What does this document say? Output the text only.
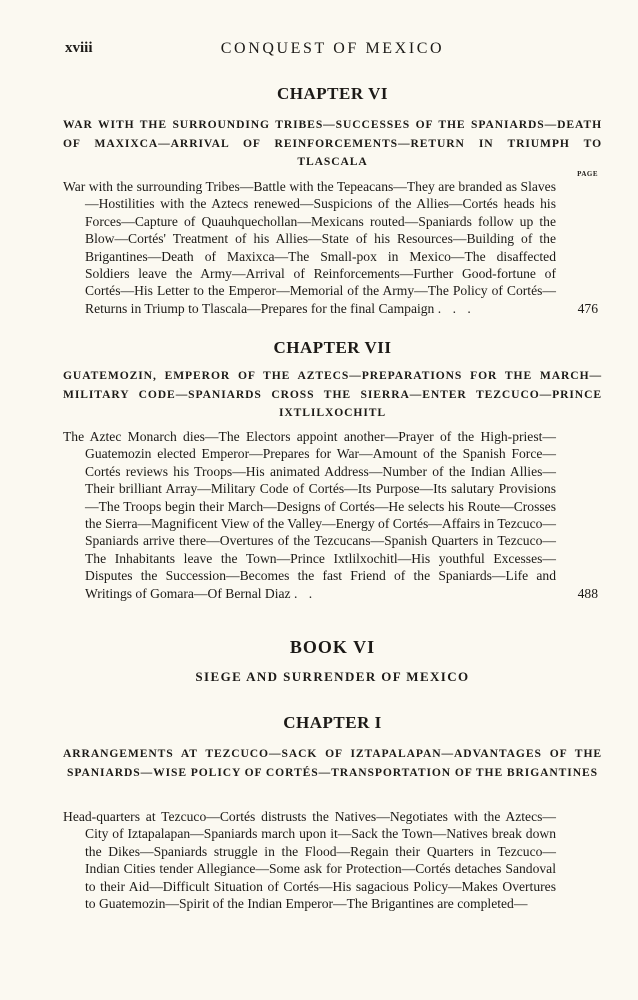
xviii	CONQUEST OF MEXICO
CHAPTER VI

WAR WITH THE SURROUNDING TRIBES—SUCCESSES OF THE SPANIARDS—DEATH OF MAXIXCA—ARRIVAL OF REINFORCEMENTS—RETURN IN TRIUMPH TO TLASCALA

PAGE

War with the surrounding Tribes—Battle with the Tepeacans—They are branded as Slaves—Hostilities with the Aztecs renewed—Suspicions of the Allies—Cortés heads his Forces—Capture of Quauhquechollan—Mexicans routed—Spaniards follow up the Blow—Cortés' Treatment of his Allies—State of his Resources—Building of the Brigantines—Death of Maxixca—The Small-pox in Mexico—The disaffected Soldiers leave the Army—Arrival of Reinforcements—Further Good-fortune of Cortés—His Letter to the Emperor—Memorial of the Army—The Policy of Cortés—Returns in Triump to Tlascala—Prepares for the final Campaign . . .	476

CHAPTER VII

GUATEMOZIN, EMPEROR OF THE AZTECS—PREPARATIONS FOR THE MARCH—MILITARY CODE—SPANIARDS CROSS THE SIERRA—ENTER TEZCUCO—PRINCE IXTLILXOCHITL

The Aztec Monarch dies—The Electors appoint another—Prayer of the High-priest—Guatemozin elected Emperor—Prepares for War—Amount of the Spanish Force—Cortés reviews his Troops—His animated Address—Number of the Indian Allies—Their brilliant Array—Military Code of Cortés—Its Purpose—Its salutary Provisions—The Troops begin their March—Designs of Cortés—He selects his Route—Crosses the Sierra—Magnificent View of the Valley—Energy of Cortés—Affairs in Tezcuco—Spaniards arrive there—Overtures of the Tezcucans—Spanish Quarters in Tezcuco—The Inhabitants leave the Town—Prince Ixtlilxochitl—His youthful Excesses—Disputes the Succession—Becomes the fast Friend of the Spaniards—Life and Writings of Gomara—Of Bernal Diaz . .	488

BOOK VI

SIEGE AND SURRENDER OF MEXICO

CHAPTER I

ARRANGEMENTS AT TEZCUCO—SACK OF IZTAPALAPAN—ADVANTAGES OF THE SPANIARDS—WISE POLICY OF CORTÉS—TRANSPORTATION OF THE BRIGANTINES

Head-quarters at Tezcuco—Cortés distrusts the Natives—Negotiates with the Aztecs—City of Iztapalapan—Spaniards march upon it—Sack the Town—Natives break down the Dikes—Spaniards struggle in the Flood—Regain their Quarters in Tezcuco—Indian Cities tender Allegiance—Some ask for Protection—Cortés detaches Sandoval to their Aid—Difficult Situation of Cortés—His sagacious Policy—Makes Overtures to Guatemozin—Spirit of the Indian Emperor—The Brigantines are completed—
